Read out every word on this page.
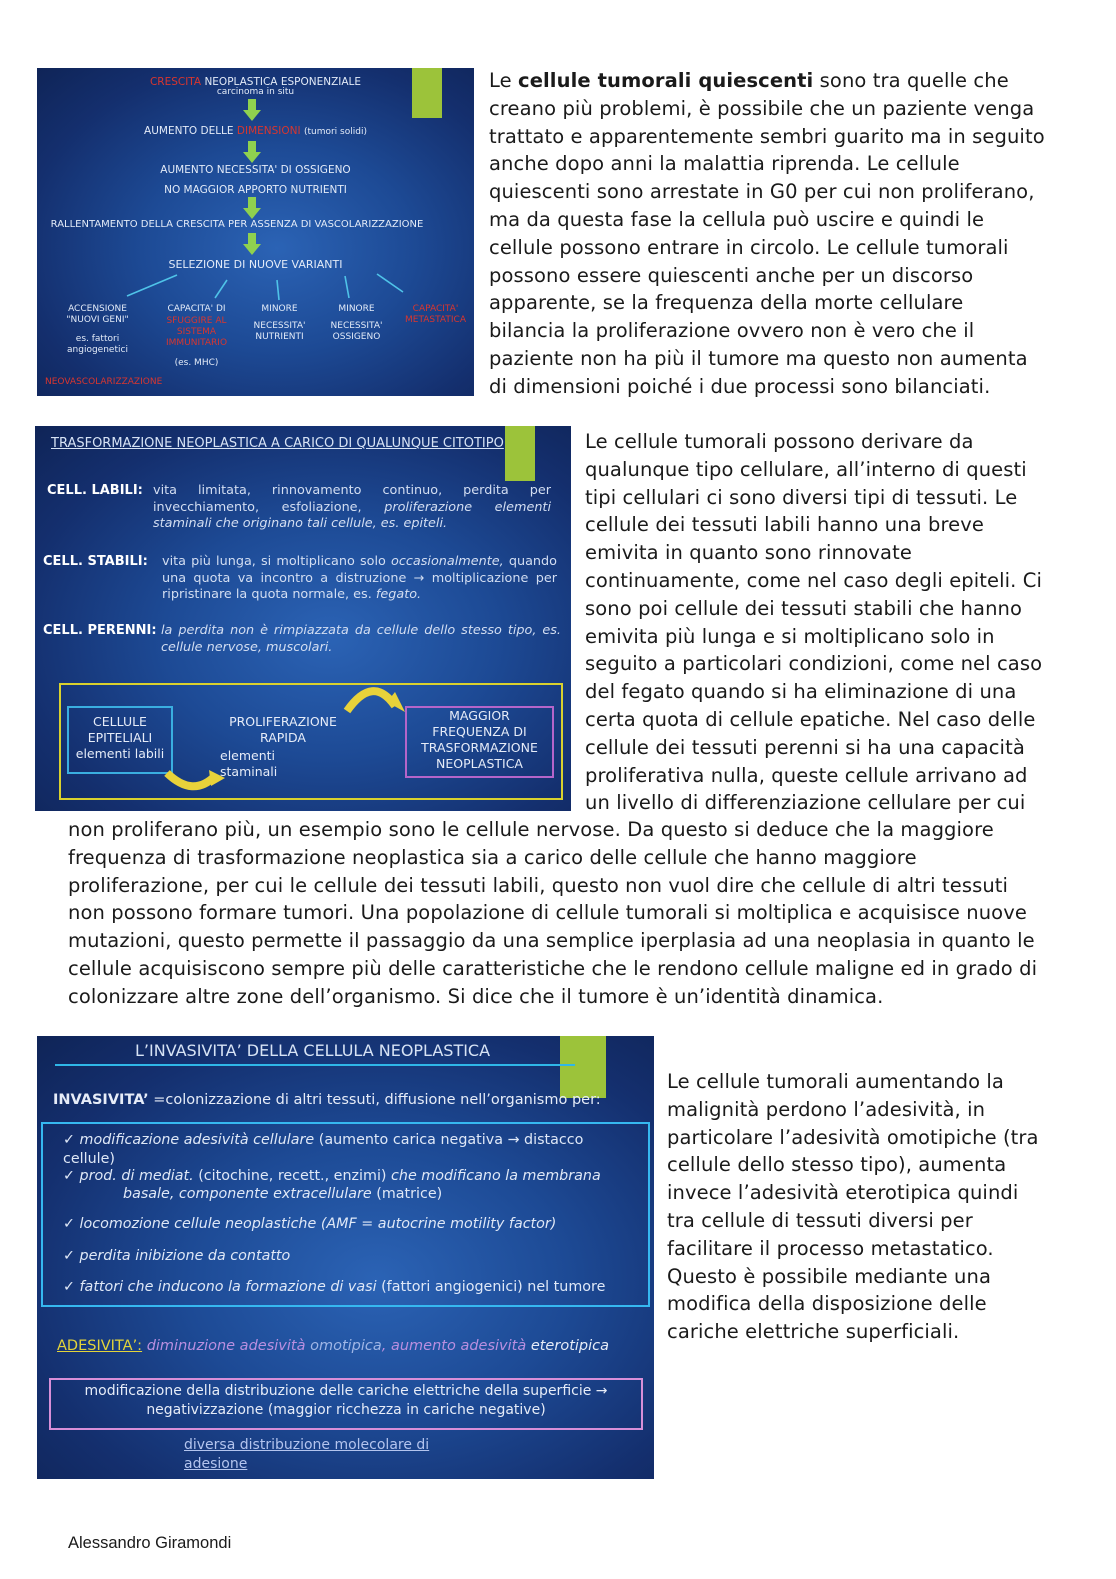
CRESCITA NEOPLASTICA ESPONENZIALE
carcinoma in situ
AUMENTO DELLE DIMENSIONI (tumori solidi)
AUMENTO NECESSITA' DI OSSIGENO
NO MAGGIOR APPORTO NUTRIENTI
RALLENTAMENTO DELLA CRESCITA PER ASSENZA DI VASCOLARIZZAZIONE
SELEZIONE DI NUOVE VARIANTI
ACCENSIONE
"NUOVI GENI"
es. fattori
angiogenetici
CAPACITA' DI
SFUGGIRE AL
SISTEMA
IMMUNITARIO
(es. MHC)
MINORE
NECESSITA'
NUTRIENTI
MINORE
NECESSITA'
OSSIGENO
CAPACITA'
METASTATICA
NEOVASCOLARIZZAZIONE

Le cellule tumorali quiescenti sono tra quelle che creano più problemi, è possibile che un paziente venga trattato e apparentemente sembri guarito ma in seguito anche dopo anni la malattia riprenda. Le cellule quiescenti sono arrestate in G0 per cui non proliferano, ma da questa fase la cellula può uscire e quindi le cellule possono entrare in circolo. Le cellule tumorali possono essere quiescenti anche per un discorso apparente, se la frequenza della morte cellulare bilancia la proliferazione ovvero non è vero che il paziente non ha più il tumore ma questo non aumenta di dimensioni poiché i due processi sono bilanciati.

TRASFORMAZIONE NEOPLASTICA A CARICO DI QUALUNQUE CITOTIPO
CELL. LABILI: vita limitata, rinnovamento continuo, perdita per invecchiamento, esfoliazione, proliferazione elementi staminali che originano tali cellule, es. epiteli.
CELL. STABILI: vita più lunga, si moltiplicano solo occasionalmente, quando una quota va incontro a distruzione → moltiplicazione per ripristinare la quota normale, es. fegato.
CELL. PERENNI: la perdita non è rimpiazzata da cellule dello stesso tipo, es. cellule nervose, muscolari.
CELLULE
EPITELIALI
elementi labili
PROLIFERAZIONE
RAPIDA
elementi
staminali
MAGGIOR
FREQUENZA DI
TRASFORMAZIONE
NEOPLASTICA

Le cellule tumorali possono derivare da qualunque tipo cellulare, all’interno di questi tipi cellulari ci sono diversi tipi di tessuti. Le cellule dei tessuti labili hanno una breve emivita in quanto sono rinnovate continuamente, come nel caso degli epiteli. Ci sono poi cellule dei tessuti stabili che hanno emivita più lunga e si moltiplicano solo in seguito a particolari condizioni, come nel caso del fegato quando si ha eliminazione di una certa quota di cellule epatiche. Nel caso delle cellule dei tessuti perenni si ha una capacità proliferativa nulla, queste cellule arrivano ad un livello di differenziazione cellulare per cui

non proliferano più, un esempio sono le cellule nervose. Da questo si deduce che la maggiore frequenza di trasformazione neoplastica sia a carico delle cellule che hanno maggiore proliferazione, per cui le cellule dei tessuti labili, questo non vuol dire che cellule di altri tessuti non possono formare tumori. Una popolazione di cellule tumorali si moltiplica e acquisisce nuove mutazioni, questo permette il passaggio da una semplice iperplasia ad una neoplasia in quanto le cellule acquisiscono sempre più delle caratteristiche che le rendono cellule maligne ed in grado di colonizzare altre zone dell’organismo. Si dice che il tumore è un’identità dinamica.

L’INVASIVITA’ DELLA CELLULA NEOPLASTICA
INVASIVITA’ =colonizzazione di altri tessuti, diffusione nell’organismo per:
✓ modificazione adesività cellulare (aumento carica negativa → distacco
cellule)
✓ prod. di mediat. (citochine, recett., enzimi) che modificano la membrana
basale, componente extracellulare (matrice)
✓ locomozione cellule neoplastiche (AMF = autocrine motility factor)
✓ perdita inibizione da contatto
✓ fattori che inducono la formazione di vasi (fattori angiogenici) nel tumore
ADESIVITA’: diminuzione adesività omotipica, aumento adesività eterotipica
modificazione della distribuzione delle cariche elettriche della superficie →
negativizzazione (maggior ricchezza in cariche negative)
diversa distribuzione molecolare di
adesione

Le cellule tumorali aumentando la malignità perdono l’adesività, in particolare l’adesività omotipiche (tra cellule dello stesso tipo), aumenta invece l’adesività eterotipica quindi tra cellule di tessuti diversi per facilitare il processo metastatico. Questo è possibile mediante una modifica della disposizione delle cariche elettriche superficiali.

Alessandro Giramondi
